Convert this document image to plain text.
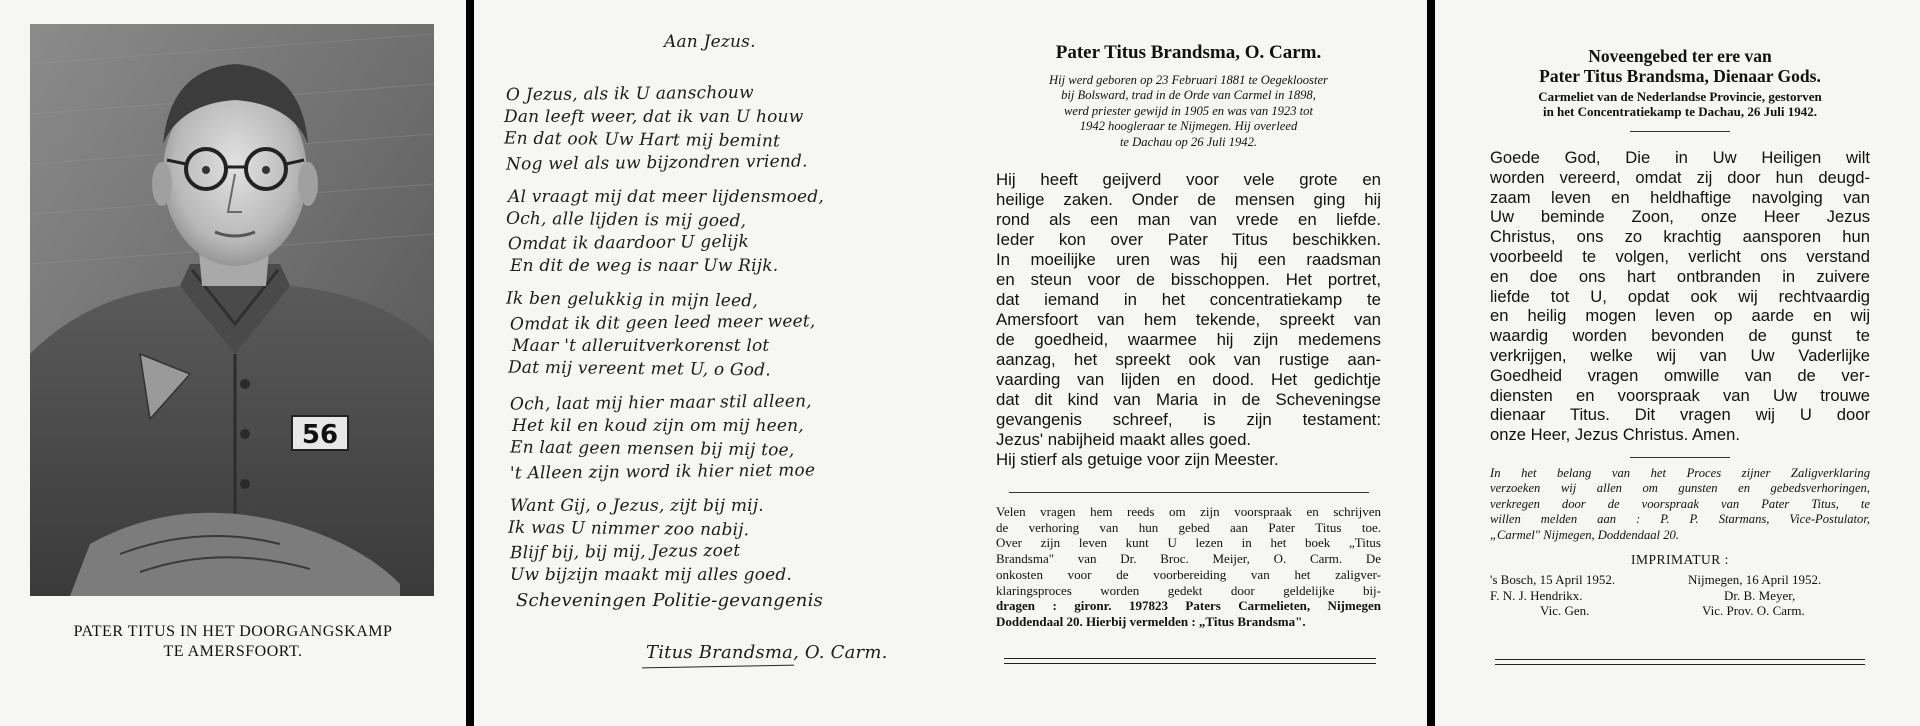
56
PATER TITUS IN HET DOORGANGSKAMP
TE AMERSFOORT.
Aan Jezus.
O Jezus, als ik U aanschouw
Dan leeft weer, dat ik van U houw
En dat ook Uw Hart mij bemint
Nog wel als uw bijzondren vriend.
Al vraagt mij dat meer lijdensmoed,
Och, alle lijden is mij goed,
Omdat ik daardoor U gelijk
En dit de weg is naar Uw Rijk.
Ik ben gelukkig in mijn leed,
Omdat ik dit geen leed meer weet,
Maar 't alleruitverkorenst lot
Dat mij vereent met U, o God.
Och, laat mij hier maar stil alleen,
Het kil en koud zijn om mij heen,
En laat geen mensen bij mij toe,
't Alleen zijn word ik hier niet moe
Want Gij, o Jezus, zijt bij mij.
Ik was U nimmer zoo nabij.
Blijf bij, bij mij, Jezus zoet
Uw bijzijn maakt mij alles goed.
Scheveningen Politie-gevangenis
Titus Brandsma, O. Carm.
Pater Titus Brandsma, O. Carm.
Hij werd geboren op 23 Februari 1881 te Oegeklooster
bij Bolsward, trad in de Orde van Carmel in 1898,
werd priester gewijd in 1905 en was van 1923 tot
1942 hoogleraar te Nijmegen. Hij overleed
te Dachau op 26 Juli 1942.
Hij heeft geijverd voor vele grote en
heilige zaken. Onder de mensen ging hij
rond als een man van vrede en liefde.
Ieder kon over Pater Titus beschikken.
In moeilijke uren was hij een raadsman
en steun voor de bisschoppen. Het portret,
dat iemand in het concentratiekamp te
Amersfoort van hem tekende, spreekt van
de goedheid, waarmee hij zijn medemens
aanzag, het spreekt ook van rustige aan-
vaarding van lijden en dood. Het gedichtje
dat dit kind van Maria in de Scheveningse
gevangenis schreef, is zijn testament:
Jezus' nabijheid maakt alles goed.
Hij stierf als getuige voor zijn Meester.
Velen vragen hem reeds om zijn voorspraak en schrijven
de verhoring van hun gebed aan Pater Titus toe.
Over zijn leven kunt U lezen in het boek „Titus
Brandsma" van Dr. Broc. Meijer, O. Carm. De
onkosten voor de voorbereiding van het zaligver-
klaringsproces worden gedekt door geldelijke bij-
dragen : gironr. 197823 Paters Carmelieten, Nijmegen
Doddendaal 20. Hierbij vermelden : „Titus Brandsma".
Noveengebed ter ere van
Pater Titus Brandsma, Dienaar Gods.
Carmeliet van de Nederlandse Provincie, gestorven
in het Concentratiekamp te Dachau, 26 Juli 1942.
Goede God, Die in Uw Heiligen wilt
worden vereerd, omdat zij door hun deugd-
zaam leven en heldhaftige navolging van
Uw beminde Zoon, onze Heer Jezus
Christus, ons zo krachtig aansporen hun
voorbeeld te volgen, verlicht ons verstand
en doe ons hart ontbranden in zuivere
liefde tot U, opdat ook wij rechtvaardig
en heilig mogen leven op aarde en wij
waardig worden bevonden de gunst te
verkrijgen, welke wij van Uw Vaderlijke
Goedheid vragen omwille van de ver-
diensten en voorspraak van Uw trouwe
dienaar Titus. Dit vragen wij U door
onze Heer, Jezus Christus. Amen.
In het belang van het Proces zijner Zaligverklaring
verzoeken wij allen om gunsten en gebedsverhoringen,
verkregen door de voorspraak van Pater Titus, te
willen melden aan : P. P. Starmans, Vice-Postulator,
„Carmel" Nijmegen, Doddendaal 20.
IMPRIMATUR :
's Bosch, 15 April 1952.
F. N. J. Hendrikx.
Vic. Gen.
Nijmegen, 16 April 1952.
Dr. B. Meyer,
Vic. Prov. O. Carm.
